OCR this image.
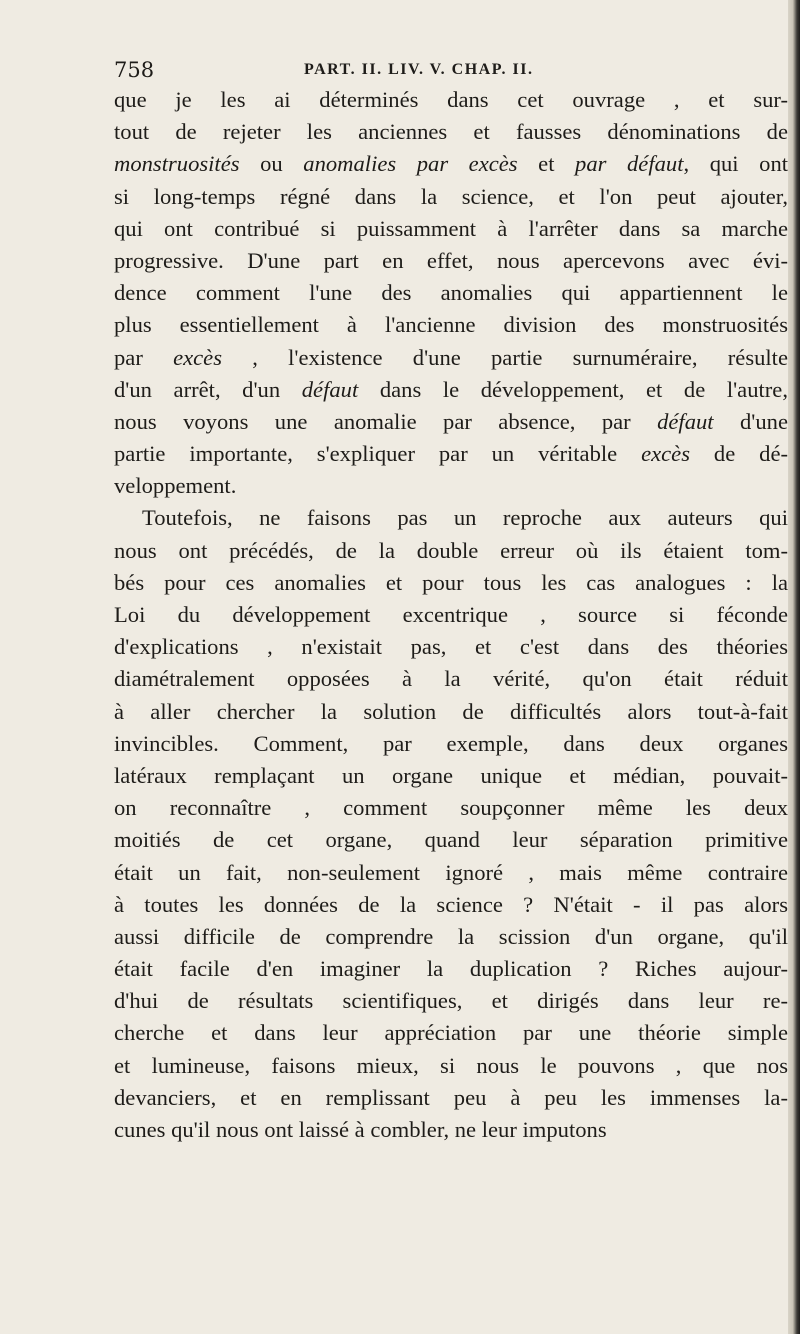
758	PART. II. LIV. V. CHAP. II.
que je les ai déterminés dans cet ouvrage , et sur-
tout de rejeter les anciennes et fausses dénominations de
monstruosités ou anomalies par excès et par défaut, qui ont
si long-temps régné dans la science, et l'on peut ajouter,
qui ont contribué si puissamment à l'arrêter dans sa marche
progressive. D'une part en effet, nous apercevons avec évi-
dence comment l'une des anomalies qui appartiennent le
plus essentiellement à l'ancienne division des monstruosités
par excès , l'existence d'une partie surnuméraire, résulte
d'un arrêt, d'un défaut dans le développement, et de l'autre,
nous voyons une anomalie par absence, par défaut d'une
partie importante, s'expliquer par un véritable excès de dé-
veloppement.
Toutefois, ne faisons pas un reproche aux auteurs qui
nous ont précédés, de la double erreur où ils étaient tom-
bés pour ces anomalies et pour tous les cas analogues : la
Loi du développement excentrique , source si féconde
d'explications , n'existait pas, et c'est dans des théories
diamétralement opposées à la vérité, qu'on était réduit
à aller chercher la solution de difficultés alors tout-à-fait
invincibles. Comment, par exemple, dans deux organes
latéraux remplaçant un organe unique et médian, pouvait-
on reconnaître , comment soupçonner même les deux
moitiés de cet organe, quand leur séparation primitive
était un fait, non-seulement ignoré , mais même contraire
à toutes les données de la science ? N'était - il pas alors
aussi difficile de comprendre la scission d'un organe, qu'il
était facile d'en imaginer la duplication ? Riches aujour-
d'hui de résultats scientifiques, et dirigés dans leur re-
cherche et dans leur appréciation par une théorie simple
et lumineuse, faisons mieux, si nous le pouvons , que nos
devanciers, et en remplissant peu à peu les immenses la-
cunes qu'il nous ont laissé à combler, ne leur imputons
